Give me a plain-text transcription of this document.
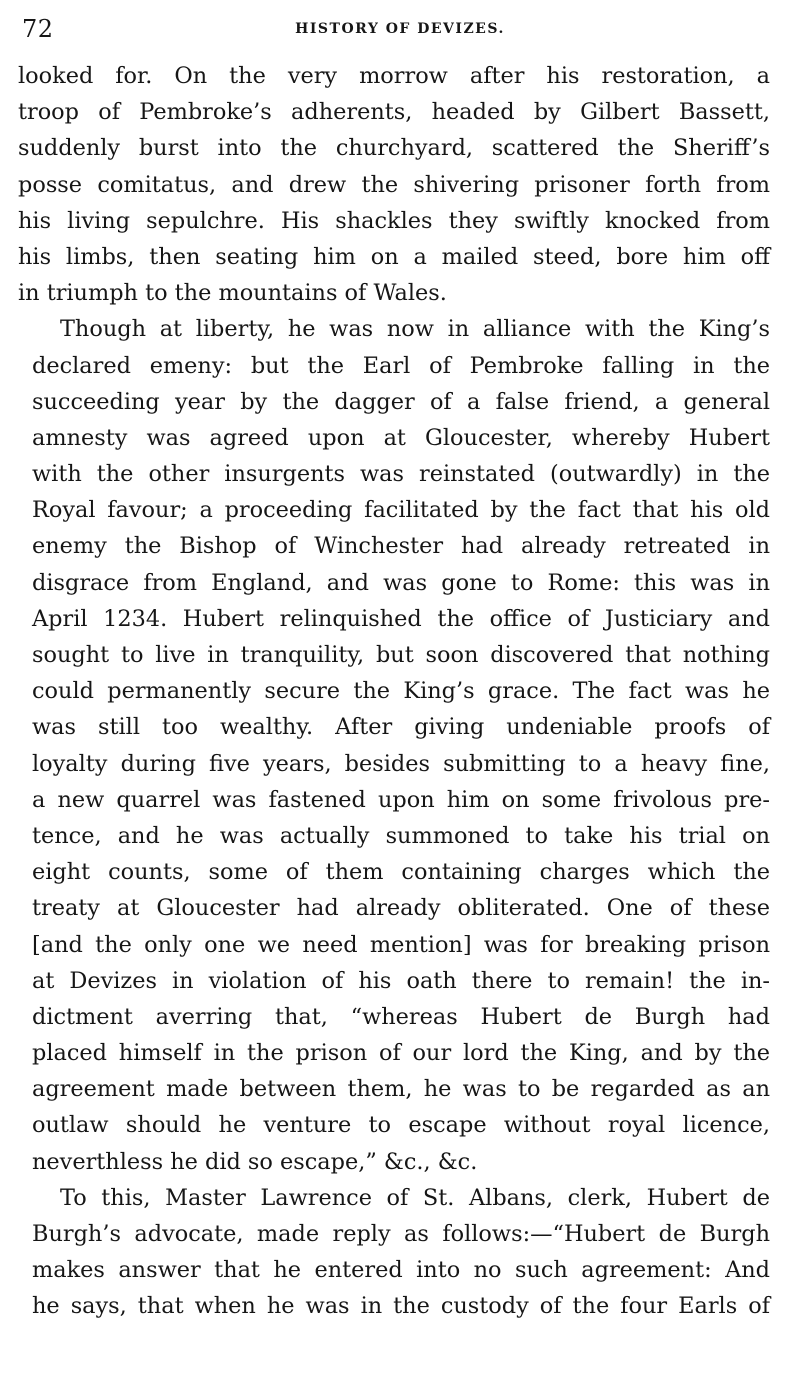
72	HISTORY OF DEVIZES.
looked for. On the very morrow after his restoration, a
troop of Pembroke’s adherents, headed by Gilbert Bassett,
suddenly burst into the churchyard, scattered the Sheriff’s
posse comitatus, and drew the shivering prisoner forth from
his living sepulchre. His shackles they swiftly knocked from
his limbs, then seating him on a mailed steed, bore him off
in triumph to the mountains of Wales.
Though at liberty, he was now in alliance with the King’s
declared emeny: but the Earl of Pembroke falling in the
succeeding year by the dagger of a false friend, a general
amnesty was agreed upon at Gloucester, whereby Hubert
with the other insurgents was reinstated (outwardly) in the
Royal favour; a proceeding facilitated by the fact that his old
enemy the Bishop of Winchester had already retreated in
disgrace from England, and was gone to Rome: this was in
April 1234. Hubert relinquished the office of Justiciary and
sought to live in tranquility, but soon discovered that nothing
could permanently secure the King’s grace. The fact was he
was still too wealthy. After giving undeniable proofs of
loyalty during five years, besides submitting to a heavy fine,
a new quarrel was fastened upon him on some frivolous pre-
tence, and he was actually summoned to take his trial on
eight counts, some of them containing charges which the
treaty at Gloucester had already obliterated. One of these
[and the only one we need mention] was for breaking prison
at Devizes in violation of his oath there to remain! the in-
dictment averring that, “whereas Hubert de Burgh had
placed himself in the prison of our lord the King, and by the
agreement made between them, he was to be regarded as an
outlaw should he venture to escape without royal licence,
neverthless he did so escape,” &c., &c.
To this, Master Lawrence of St. Albans, clerk, Hubert de
Burgh’s advocate, made reply as follows:—“Hubert de Burgh
makes answer that he entered into no such agreement: And
he says, that when he was in the custody of the four Earls of
